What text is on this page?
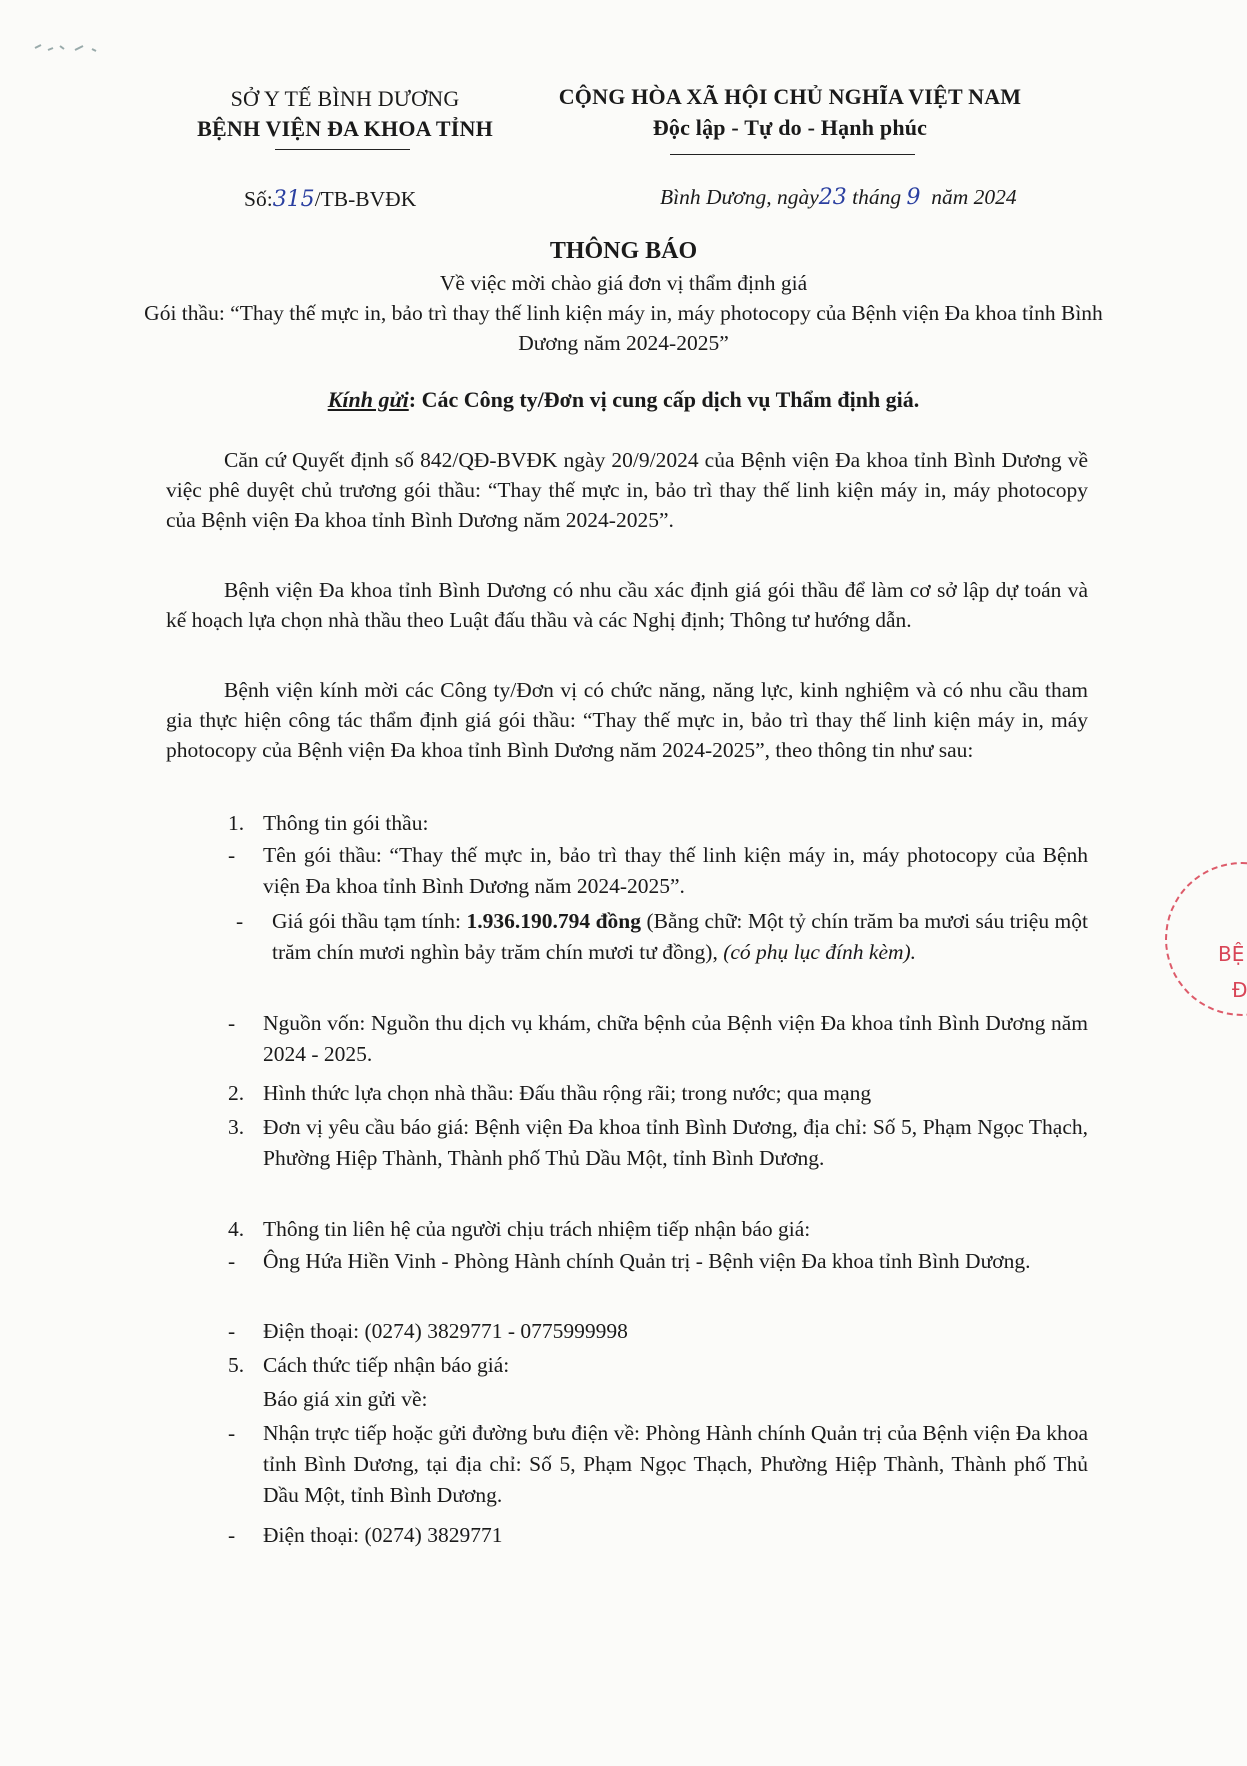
SỞ Y TẾ BÌNH DƯƠNG
BỆNH VIỆN ĐA KHOA TỈNH
CỘNG HÒA XÃ HỘI CHỦ NGHĨA VIỆT NAM
Độc lập - Tự do - Hạnh phúc
Số:315/TB-BVĐK	Bình Dương, ngày23 tháng 9 năm 2024
THÔNG BÁO
Về việc mời chào giá đơn vị thẩm định giá
Gói thầu: “Thay thế mực in, bảo trì thay thế linh kiện máy in, máy photocopy của Bệnh viện Đa khoa tỉnh Bình
Dương năm 2024-2025”
Kính gửi: Các Công ty/Đơn vị cung cấp dịch vụ Thẩm định giá.
Căn cứ Quyết định số 842/QĐ-BVĐK ngày 20/9/2024 của Bệnh viện Đa khoa tỉnh Bình Dương về việc phê duyệt chủ trương gói thầu: “Thay thế mực in, bảo trì thay thế linh kiện máy in, máy photocopy của Bệnh viện Đa khoa tỉnh Bình Dương năm 2024-2025”.
Bệnh viện Đa khoa tỉnh Bình Dương có nhu cầu xác định giá gói thầu để làm cơ sở lập dự toán và kế hoạch lựa chọn nhà thầu theo Luật đấu thầu và các Nghị định; Thông tư hướng dẫn.
Bệnh viện kính mời các Công ty/Đơn vị có chức năng, năng lực, kinh nghiệm và có nhu cầu tham gia thực hiện công tác thẩm định giá gói thầu: “Thay thế mực in, bảo trì thay thế linh kiện máy in, máy photocopy của Bệnh viện Đa khoa tỉnh Bình Dương năm 2024-2025”, theo thông tin như sau:
1. Thông tin gói thầu:
- Tên gói thầu: “Thay thế mực in, bảo trì thay thế linh kiện máy in, máy photocopy của Bệnh viện Đa khoa tỉnh Bình Dương năm 2024-2025”.
- Giá gói thầu tạm tính: 1.936.190.794 đồng (Bằng chữ: Một tỷ chín trăm ba mươi sáu triệu một trăm chín mươi nghìn bảy trăm chín mươi tư đồng), (có phụ lục đính kèm).
- Nguồn vốn: Nguồn thu dịch vụ khám, chữa bệnh của Bệnh viện Đa khoa tỉnh Bình Dương năm 2024 - 2025.
2. Hình thức lựa chọn nhà thầu: Đấu thầu rộng rãi; trong nước; qua mạng
3. Đơn vị yêu cầu báo giá: Bệnh viện Đa khoa tỉnh Bình Dương, địa chỉ: Số 5, Phạm Ngọc Thạch, Phường Hiệp Thành, Thành phố Thủ Dầu Một, tỉnh Bình Dương.
4. Thông tin liên hệ của người chịu trách nhiệm tiếp nhận báo giá:
- Ông Hứa Hiền Vinh - Phòng Hành chính Quản trị - Bệnh viện Đa khoa tỉnh Bình Dương.
- Điện thoại: (0274) 3829771 - 0775999998
5. Cách thức tiếp nhận báo giá:
Báo giá xin gửi về:
- Nhận trực tiếp hoặc gửi đường bưu điện về: Phòng Hành chính Quản trị của Bệnh viện Đa khoa tỉnh Bình Dương, tại địa chỉ: Số 5, Phạm Ngọc Thạch, Phường Hiệp Thành, Thành phố Thủ Dầu Một, tỉnh Bình Dương.
- Điện thoại: (0274) 3829771
BỆ
Đ
